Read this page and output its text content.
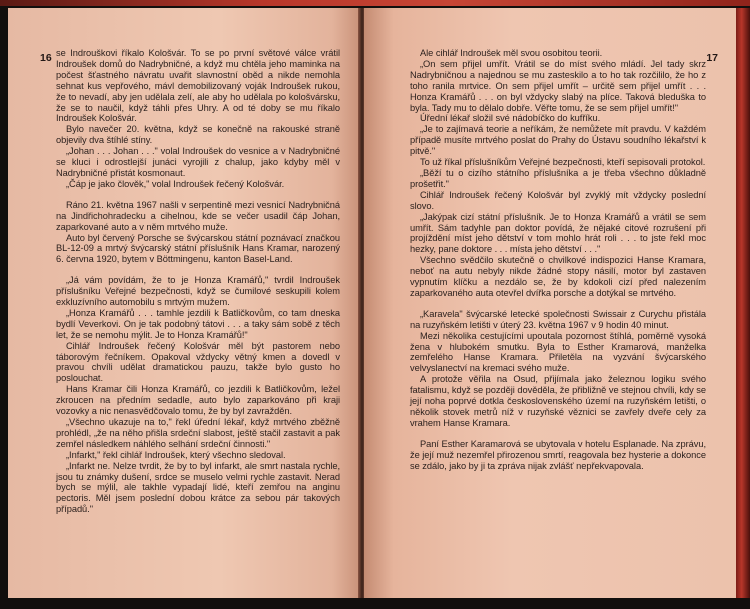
16 se Indrouškovi říkalo Kološvár. To se po první světové válce vrátil Indroušek domů do Nadrybničné, a když mu chtěla jeho maminka na počest šťastného návratu uvařit slavnostní oběd a nikde nemohla sehnat kus vepřového, mávl demobilizovaný voják Indroušek rukou, že to nevadí, aby jen udělala zelí, ale aby ho udělala po kološvársku, že se to naučil, když táhli přes Uhry. A od té doby se mu říkalo Indroušek Kološvár.

Bylo navečer 20. května, když se konečně na rakouské straně objevily dva štíhlé stíny.

„Johan . . . Johan . . ." volal Indroušek do vesnice a v Nadrybničné se kluci i odrostlejší junáci vyrojili z chalup, jako kdyby měl v Nadrybničné přistát kosmonaut.

„Čáp je jako člověk," volal Indroušek řečený Kološvár.

Ráno 21. května 1967 našli v serpentině mezi vesnicí Nadrybničná na Jindřichohradecku a cihelnou, kde se večer usadil čáp Johan, zaparkované auto a v něm mrtvého muže.

Auto byl červený Porsche se švýcarskou státní poznávací značkou BL-12-09 a mrtvý švýcarský státní příslušník Hans Kramar, narozený 6. června 1920, bytem v Böttmingenu, kanton Basel-Land.

„Já vám povídám, že to je Honza Kramářů," tvrdil Indroušek příslušníku Veřejné bezpečnosti, když se čumilové seskupili kolem exkluzívního automobilu s mrtvým mužem.

„Honza Kramářů . . . tamhle jezdili k Batličkovům, co tam dneska bydlí Veverkovi. On je tak podobný tátovi . . . a taky sám sobě z těch let, že se nemohu mýlit. Je to Honza Kramářů!"

Cihlář Indroušek řečený Kološvár měl být pastorem nebo táborovým řečníkem. Opakoval vždycky větný kmen a dovedl v pravou chvíli udělat dramatickou pauzu, takže bylo gusto ho poslouchat.

Hans Kramar čili Honza Kramářů, co jezdili k Batličkovům, ležel zkroucen na předním sedadle, auto bylo zaparkováno při kraji vozovky a nic nenasvědčovalo tomu, že by byl zavražděn.

„Všechno ukazuje na to," řekl úřední lékař, když mrtvého zběžně prohlédl, „že na něho přišla srdeční slabost, ještě stačil zastavit a pak zemřel následkem náhlého selhání srdeční činnosti."

„Infarkt," řekl cihlář Indroušek, který všechno sledoval.

„Infarkt ne. Nelze tvrdit, že by to byl infarkt, ale smrt nastala rychle, jsou tu známky dušení, srdce se muselo velmi rychle zastavit. Nerad bych se mýlil, ale takhle vypadají lidé, kteří zemřou na anginu pectoris. Měl jsem poslední dobou krátce za sebou pár takových případů."

17

Ale cihlář Indroušek měl svou osobitou teorii.

„On sem přijel umřít. Vrátil se do míst svého mládí. Jel tady skrz Nadrybničnou a najednou se mu zasteskilo a to ho tak rozčililo, že ho z toho ranila mrtvice. On sem přijel umřít – určitě sem přijel umřít . . . Honza Kramářů . . . on byl vždycky slabý na plíce. Taková bleduška to byla. Tady mu to dělalo dobře. Věřte tomu, že se sem přijel umřít!"

Úřední lékař složil své nádobíčko do kufříku.

„Je to zajímavá teorie a neříkám, že nemůžete mít pravdu. V každém případě musíte mrtvého poslat do Prahy do Ústavu soudního lékařství k pitvě."

To už říkal příslušníkům Veřejné bezpečnosti, kteří sepisovali protokol.

„Běží tu o cizího státního příslušníka a je třeba všechno důkladně prošetřit."

Cihlář Indroušek řečený Kološvár byl zvyklý mít vždycky poslední slovo.

„Jakýpak cizí státní příslušník. Je to Honza Kramářů a vrátil se sem umřít. Sám tadyhle pan doktor povídá, že nějaké citové rozrušení při projíždění míst jeho dětství v tom mohlo hrát roli . . . to jste řekl moc hezky, pane doktore . . . místa jeho dětství . . ."

Všechno svědčilo skutečně o chvilkové indispozici Hanse Kramara, neboť na autu nebyly nikde žádné stopy násilí, motor byl zastaven vypnutím klíčku a nezdálo se, že by kdokoli cizí před nalezením zaparkovaného auta otevřel dvířka porsche a dotýkal se mrtvého.

„Karavela" švýcarské letecké společnosti Swissair z Curychu přistála na ruzyňském letišti v úterý 23. května 1967 v 9 hodin 40 minut.

Mezi několika cestujícími upoutala pozornost štíhlá, poměrně vysoká žena v hlubokém smutku. Byla to Esther Kramarová, manželka zemřelého Hanse Kramara. Přiletěla na vyzvání švýcarského velvyslanectví na kremaci svého muže.

A protože věřila na Osud, přijímala jako železnou logiku svého fatalismu, když se později dověděla, že přibližně ve stejnou chvíli, kdy se její noha poprvé dotkla československého území na ruzyňském letišti, o několik stovek metrů níž v ruzyňské věznici se zavřely dveře cely za vrahem Hanse Kramara.

Paní Esther Karamarová se ubytovala v hotelu Esplanade. Na zprávu, že její muž nezemřel přirozenou smrtí, reagovala bez hysterie a dokonce se zdálo, jako by ji ta zpráva nijak zvlášť nepřekvapovala.
